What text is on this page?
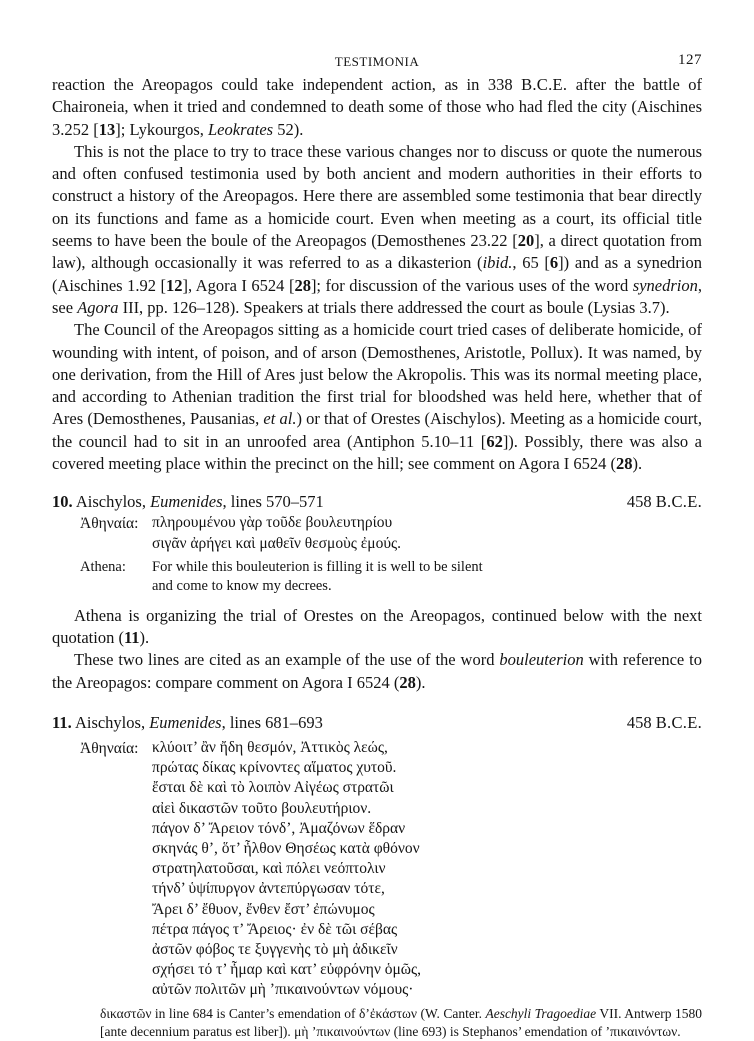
TESTIMONIA	127

reaction the Areopagos could take independent action, as in 338 B.C.E. after the battle of Chaironeia, when it tried and condemned to death some of those who had fled the city (Aischines 3.252 [13]; Lykourgos, Leokrates 52).

This is not the place to try to trace these various changes nor to discuss or quote the numerous and often confused testimonia used by both ancient and modern authorities in their efforts to construct a history of the Areopagos. Here there are assembled some testimonia that bear directly on its functions and fame as a homicide court. Even when meeting as a court, its official title seems to have been the boule of the Areopagos (Demosthenes 23.22 [20], a direct quotation from law), although occasionally it was referred to as a dikasterion (ibid., 65 [6]) and as a synedrion (Aischines 1.92 [12], Agora I 6524 [28]; for discussion of the various uses of the word synedrion, see Agora III, pp. 126–128). Speakers at trials there addressed the court as boule (Lysias 3.7).

The Council of the Areopagos sitting as a homicide court tried cases of deliberate homicide, of wounding with intent, of poison, and of arson (Demosthenes, Aristotle, Pollux). It was named, by one derivation, from the Hill of Ares just below the Akropolis. This was its normal meeting place, and according to Athenian tradition the first trial for bloodshed was held here, whether that of Ares (Demosthenes, Pausanias, et al.) or that of Orestes (Aischylos). Meeting as a homicide court, the council had to sit in an unroofed area (Antiphon 5.10–11 [62]). Possibly, there was also a covered meeting place within the precinct on the hill; see comment on Agora I 6524 (28).

10. Aischylos, Eumenides, lines 570–571	458 B.C.E.
Ἀθηναία: πληρουμένου γὰρ τοῦδε βουλευτηρίου
σιγᾶν ἀρήγει καὶ μαθεῖν θεσμοὺς ἐμούς.
Athena:	For while this bouleuterion is filling it is well to be silent
and come to know my decrees.

Athena is organizing the trial of Orestes on the Areopagos, continued below with the next quotation (11).

These two lines are cited as an example of the use of the word bouleuterion with reference to the Areopagos: compare comment on Agora I 6524 (28).

11. Aischylos, Eumenides, lines 681–693	458 B.C.E.
Ἀθηναία: κλύοιτ’ ἂν ἤδη θεσμόν, Ἀττικὸς λεώς,
πρώτας δίκας κρίνοντες αἵματος χυτοῦ.
ἔσται δὲ καὶ τὸ λοιπὸν Αἰγέως στρατῶι
αἰεὶ δικαστῶν τοῦτο βουλευτήριον.
πάγον δ’ Ἄρειον τόνδ’, Ἀμαζόνων ἕδραν
σκηνάς θ’, ὅτ’ ἦλθον Θησέως κατὰ φθόνον
στρατηλατοῦσαι, καὶ πόλει νεόπτολιν
τήνδ’ ὑψίπυργον ἀντεπύργωσαν τότε,
Ἄρει δ’ ἔθυον, ἔνθεν ἔστ’ ἐπώνυμος
πέτρα πάγος τ’ Ἄρειος· ἐν δὲ τῶι σέβας
ἀστῶν φόβος τε ξυγγενὴς τὸ μὴ ἀδικεῖν
σχήσει τό τ’ ἦμαρ καὶ κατ’ εὐφρόνην ὁμῶς,
αὐτῶν πολιτῶν μὴ ’πικαινούντων νόμους·

δικαστῶν in line 684 is Canter’s emendation of δ’ἐκάστων (W. Canter. Aeschyli Tragoediae VII. Antwerp 1580 [ante decennium paratus est liber]). μὴ ’πικαινούντων (line 693) is Stephanos’ emendation of ’πικαινόντων.
